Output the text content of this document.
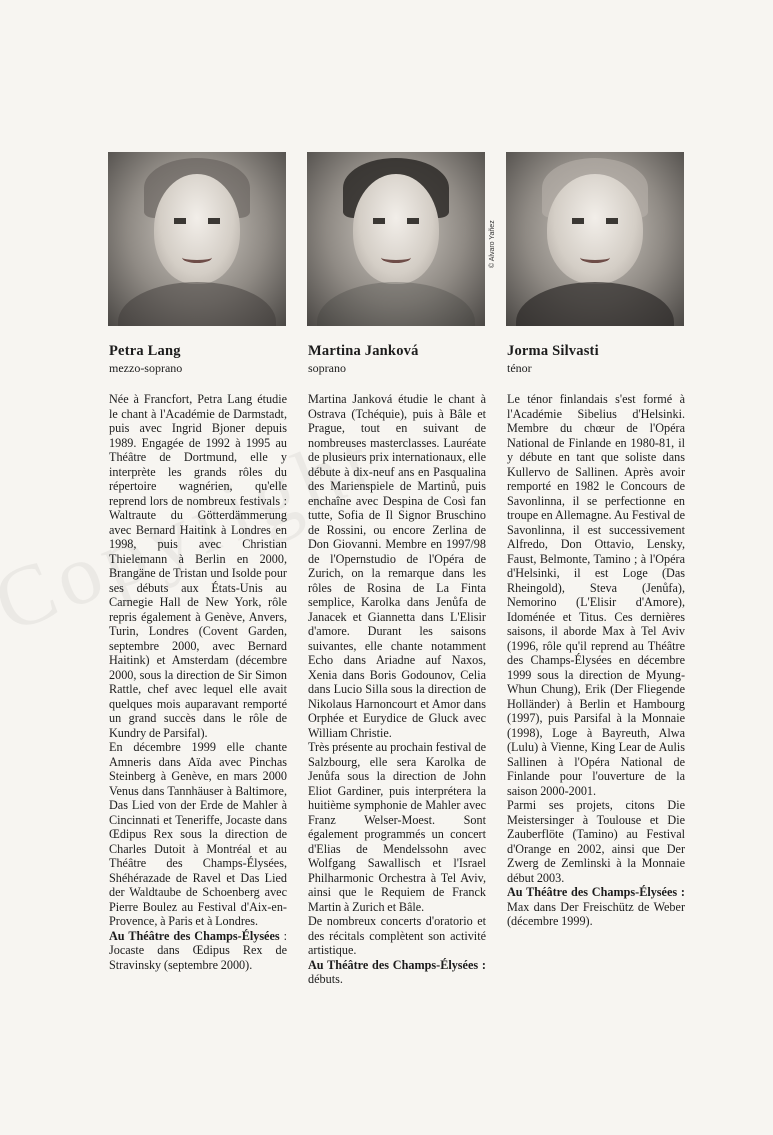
© Alvaro Yañez
Petra Lang
mezzo-soprano
Martina Janková
soprano
Jorma Silvasti
ténor

Née à Francfort, Petra Lang étudie le chant à l'Académie de Darmstadt, puis avec Ingrid Bjoner depuis 1989. Engagée de 1992 à 1995 au Théâtre de Dortmund, elle y interprète les grands rôles du répertoire wagnérien, qu'elle reprend lors de nombreux festivals : Waltraute du Götterdämmerung avec Bernard Haitink à Londres en 1998, puis avec Christian Thielemann à Berlin en 2000, Brangäne de Tristan und Isolde pour ses débuts aux États-Unis au Carnegie Hall de New York, rôle repris également à Genève, Anvers, Turin, Londres (Covent Garden, septembre 2000, avec Bernard Haitink) et Amsterdam (décembre 2000, sous la direction de Sir Simon Rattle, chef avec lequel elle avait quelques mois auparavant remporté un grand succès dans le rôle de Kundry de Parsifal).

En décembre 1999 elle chante Amneris dans Aïda avec Pinchas Steinberg à Genève, en mars 2000 Venus dans Tannhäuser à Baltimore, Das Lied von der Erde de Mahler à Cincinnati et Teneriffe, Jocaste dans Œdipus Rex sous la direction de Charles Dutoit à Montréal et au Théâtre des Champs-Élysées, Shéhérazade de Ravel et Das Lied der Waldtaube de Schoenberg avec Pierre Boulez au Festival d'Aix-en-Provence, à Paris et à Londres.

Au Théâtre des Champs-Élysées : Jocaste dans Œdipus Rex de Stravinsky (septembre 2000).

Martina Janková étudie le chant à Ostrava (Tchéquie), puis à Bâle et Prague, tout en suivant de nombreuses masterclasses. Lauréate de plusieurs prix internationaux, elle débute à dix-neuf ans en Pasqualina des Marienspiele de Martinů, puis enchaîne avec Despina de Così fan tutte, Sofia de Il Signor Bruschino de Rossini, ou encore Zerlina de Don Giovanni. Membre en 1997/98 de l'Opernstudio de l'Opéra de Zurich, on la remarque dans les rôles de Rosina de La Finta semplice, Karolka dans Jenůfa de Janacek et Giannetta dans L'Elisir d'amore. Durant les saisons suivantes, elle chante notamment Echo dans Ariadne auf Naxos, Xenia dans Boris Godounov, Celia dans Lucio Silla sous la direction de Nikolaus Harnoncourt et Amor dans Orphée et Eurydice de Gluck avec William Christie.

Très présente au prochain festival de Salzbourg, elle sera Karolka de Jenůfa sous la direction de John Eliot Gardiner, puis interprétera la huitième symphonie de Mahler avec Franz Welser-Moest. Sont également programmés un concert d'Elias de Mendelssohn avec Wolfgang Sawallisch et l'Israel Philharmonic Orchestra à Tel Aviv, ainsi que le Requiem de Franck Martin à Zurich et Bâle.

De nombreux concerts d'oratorio et des récitals complètent son activité artistique.

Au Théâtre des Champs-Élysées : débuts.

Le ténor finlandais s'est formé à l'Académie Sibelius d'Helsinki. Membre du chœur de l'Opéra National de Finlande en 1980-81, il y débute en tant que soliste dans Kullervo de Sallinen. Après avoir remporté en 1982 le Concours de Savonlinna, il se perfectionne en troupe en Allemagne. Au Festival de Savonlinna, il est successivement Alfredo, Don Ottavio, Lensky, Faust, Belmonte, Tamino ; à l'Opéra d'Helsinki, il est Loge (Das Rheingold), Steva (Jenůfa), Nemorino (L'Elisir d'Amore), Idoménée et Titus. Ces dernières saisons, il aborde Max à Tel Aviv (1996, rôle qu'il reprend au Théâtre des Champs-Élysées en décembre 1999 sous la direction de Myung-Whun Chung), Erik (Der Fliegende Holländer) à Berlin et Hambourg (1997), puis Parsifal à la Monnaie (1998), Loge à Bayreuth, Alwa (Lulu) à Vienne, King Lear de Aulis Sallinen à l'Opéra National de Finlande pour l'ouverture de la saison 2000-2001.

Parmi ses projets, citons Die Meistersinger à Toulouse et Die Zauberflöte (Tamino) au Festival d'Orange en 2002, ainsi que Der Zwerg de Zemlinski à la Monnaie début 2003.

Au Théâtre des Champs-Élysées : Max dans Der Freischütz de Weber (décembre 1999).
